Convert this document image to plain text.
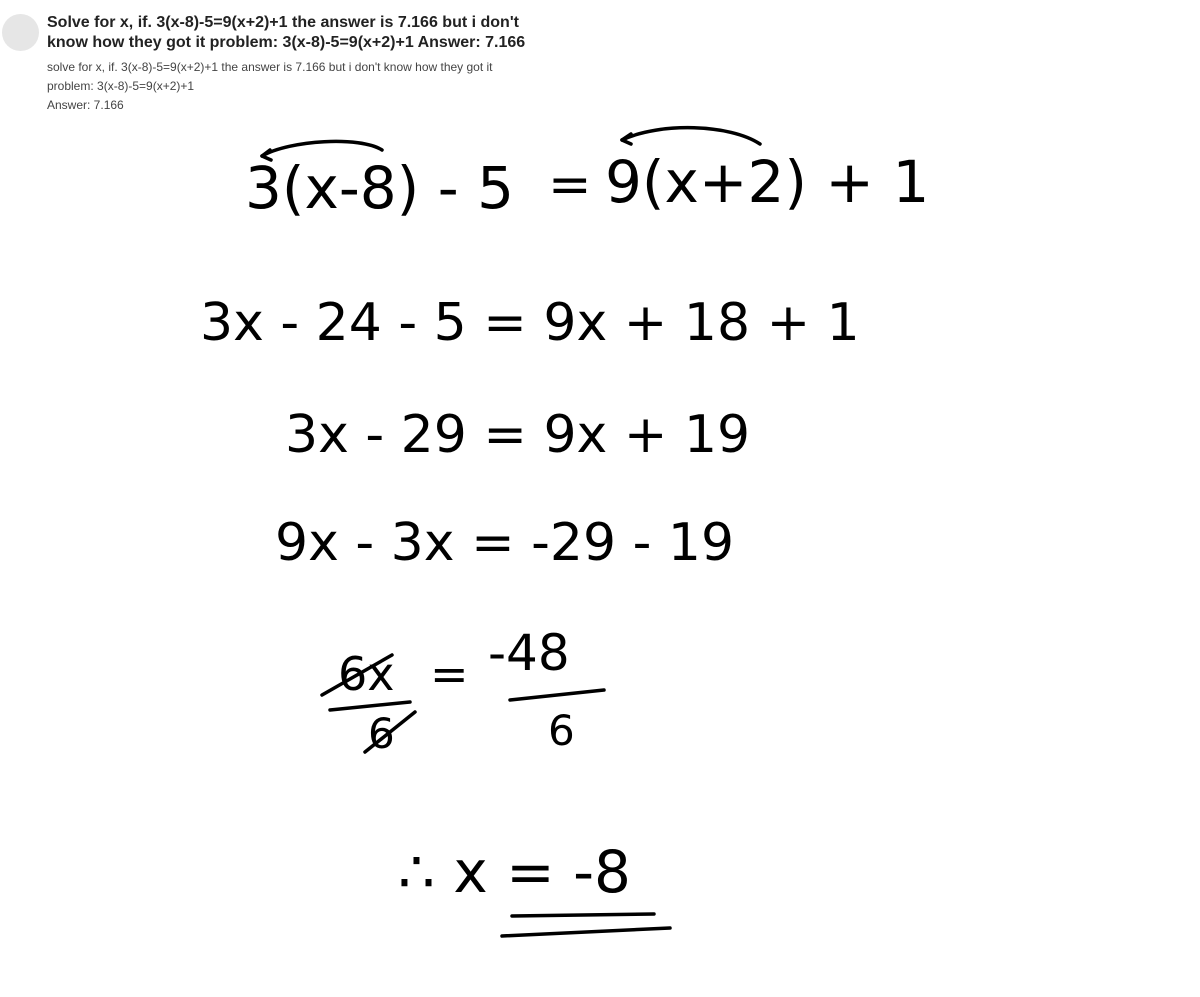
Solve for x, if. 3(x-8)-5=9(x+2)+1 the answer is 7.166 but i don't know how they got it problem: 3(x-8)-5=9(x+2)+1 Answer: 7.166
solve for x, if. 3(x-8)-5=9(x+2)+1 the answer is 7.166 but i don't know how they got it
problem: 3(x-8)-5=9(x+2)+1
Answer: 7.166
3(x-8) - 5 = 9(x+2) + 1
3x - 24 - 5 = 9x + 18 + 1
3x - 29 = 9x + 19
9x - 3x = -29 - 19
6x
6
= -48
6
∴ x = -8
